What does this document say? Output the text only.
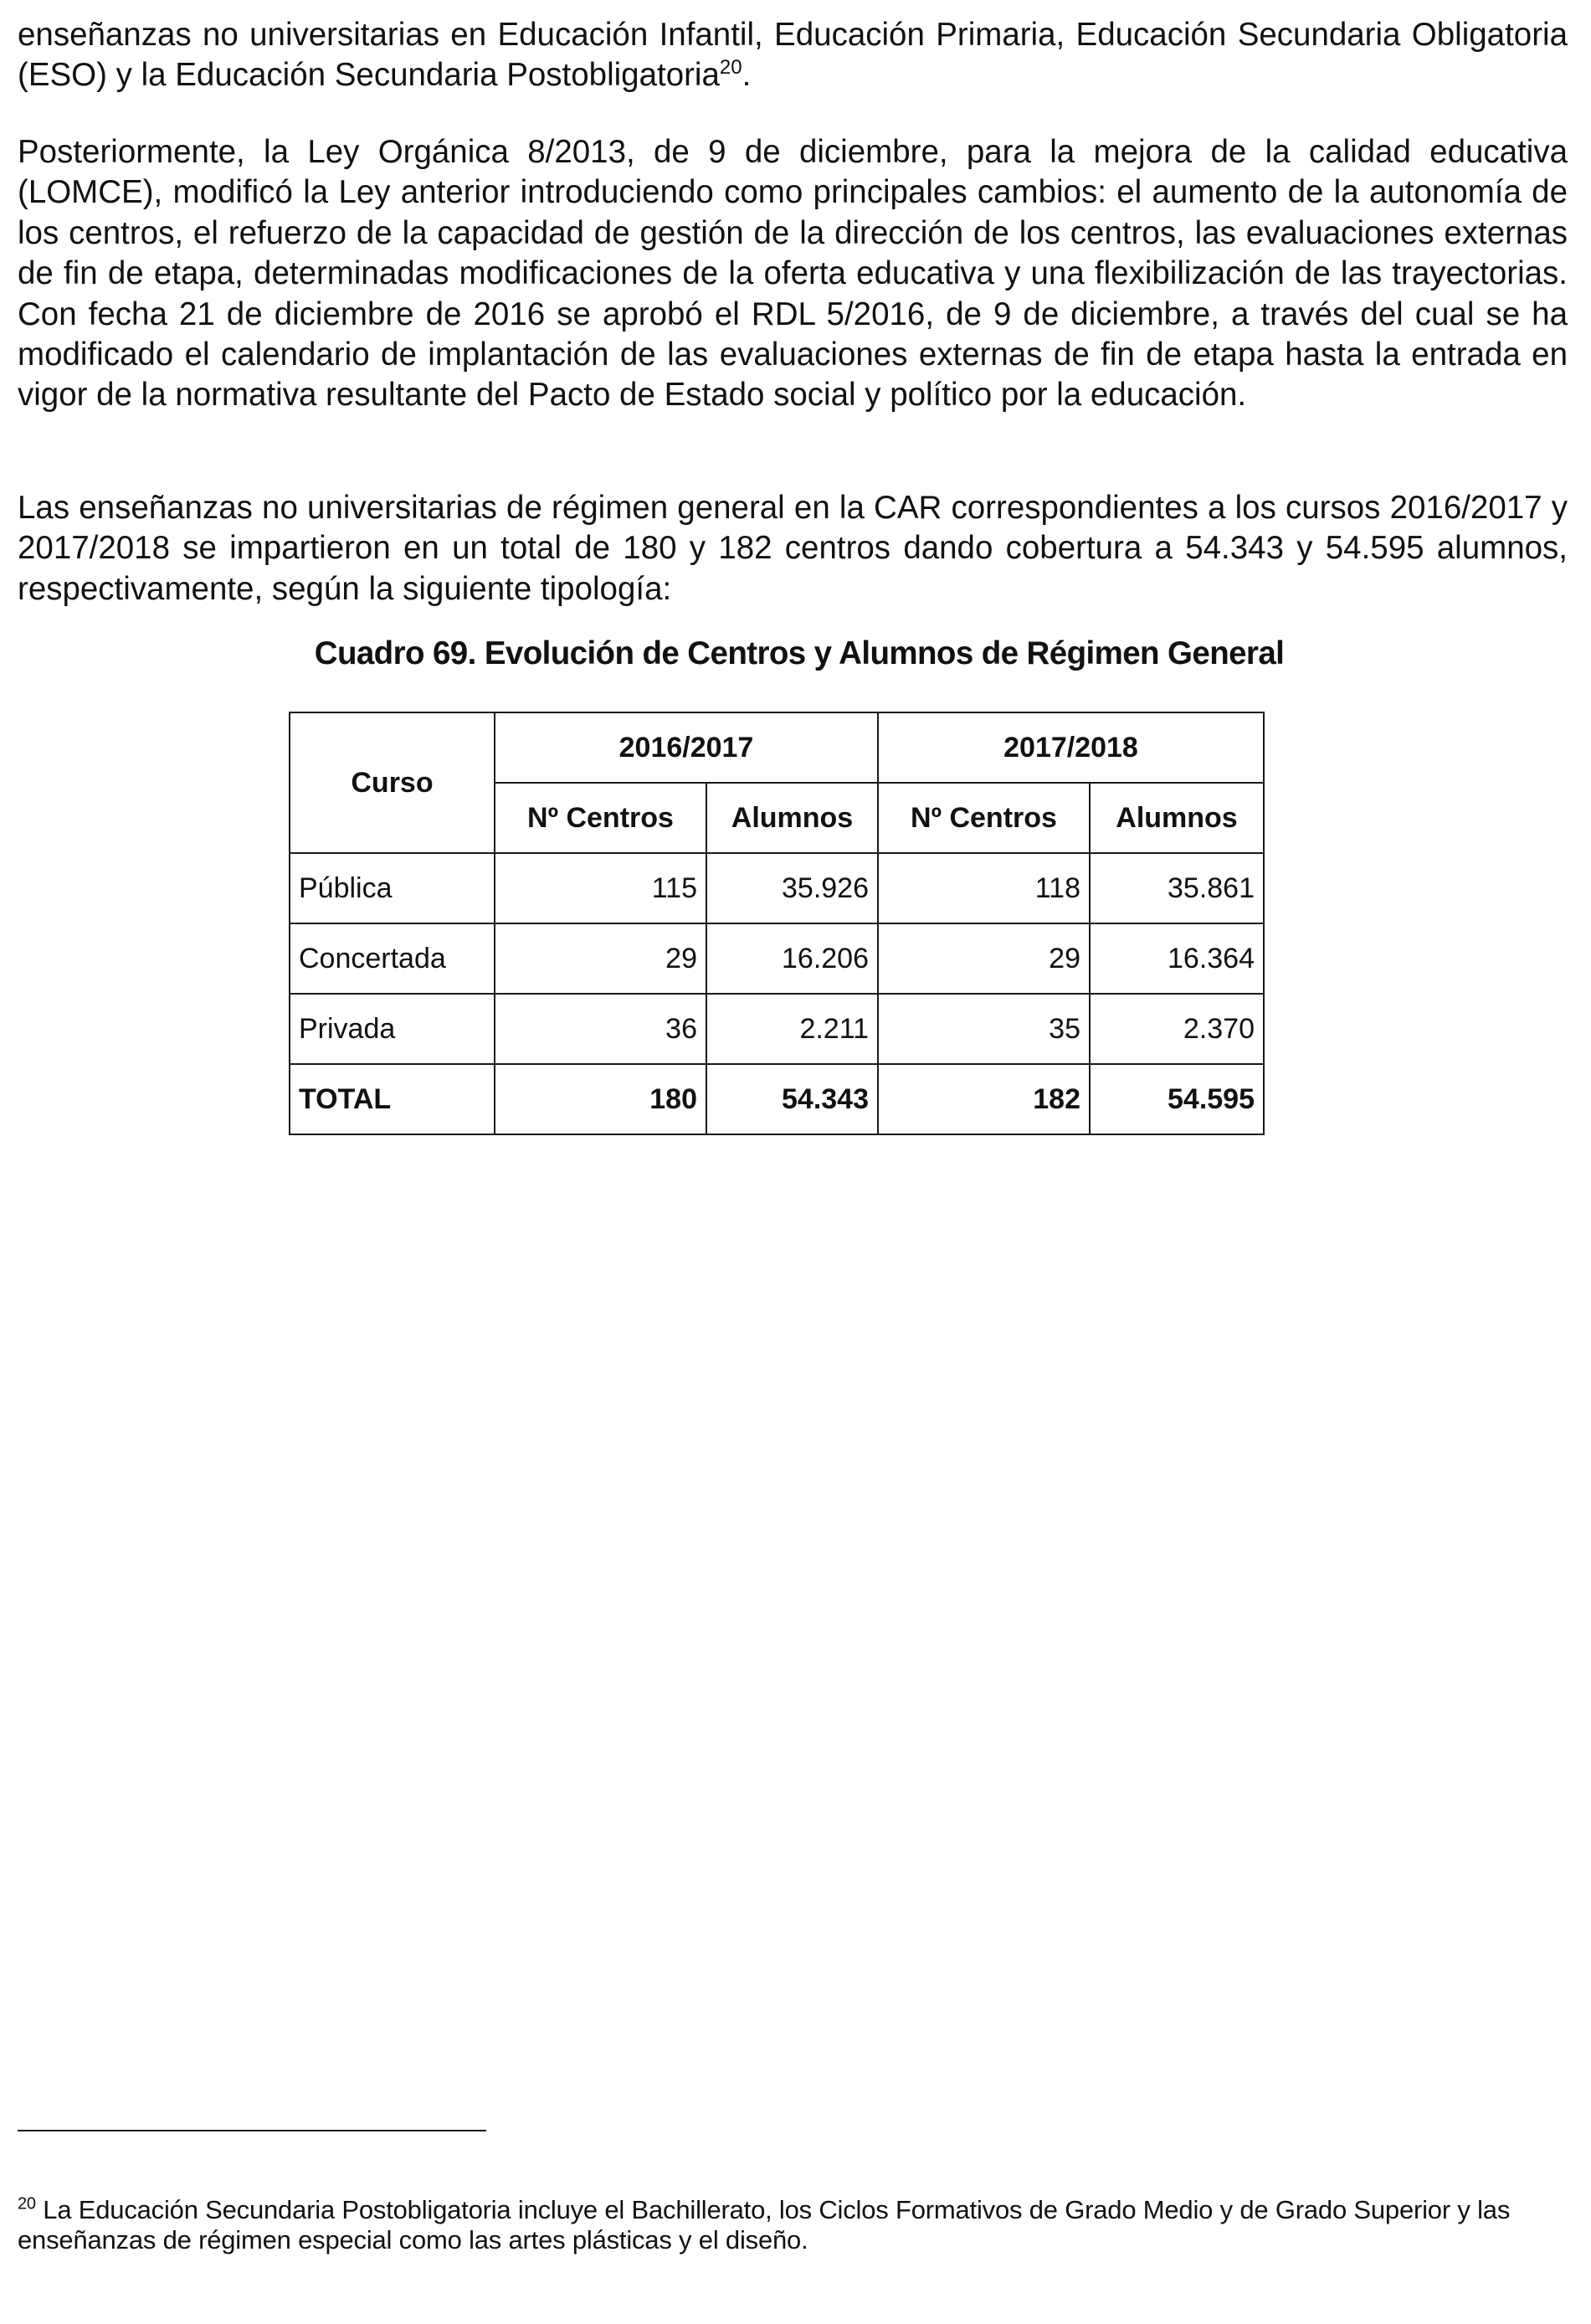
enseñanzas no universitarias en Educación Infantil, Educación Primaria, Educación Secundaria Obligatoria (ESO) y la Educación Secundaria Postobligatoria$^{20}$.

Posteriormente, la Ley Orgánica 8/2013, de 9 de diciembre, para la mejora de la calidad educativa (LOMCE), modificó la Ley anterior introduciendo como principales cambios: el aumento de la autonomía de los centros, el refuerzo de la capacidad de gestión de la dirección de los centros, las evaluaciones externas de fin de etapa, determinadas modificaciones de la oferta educativa y una flexibilización de las trayectorias. Con fecha 21 de diciembre de 2016 se aprobó el RDL 5/2016, de 9 de diciembre, a través del cual se ha modificado el calendario de implantación de las evaluaciones externas de fin de etapa hasta la entrada en vigor de la normativa resultante del Pacto de Estado social y político por la educación.

Las enseñanzas no universitarias de régimen general en la CAR correspondientes a los cursos 2016/2017 y 2017/2018 se impartieron en un total de 180 y 182 centros dando cobertura a 54.343 y 54.595 alumnos, respectivamente, según la siguiente tipología:

Cuadro 69. Evolución de Centros y Alumnos de Régimen General
Curso	2016/2017		2017/2018	
	Nº Centros	Alumnos	Nº Centros	Alumnos
Pública	115	35.926	118	35.861
Concertada	29	16.206	29	16.364
Privada	36	2.211	35	2.370
TOTAL	180	54.343	182	54.595
$^{20}$ La Educación Secundaria Postobligatoria incluye el Bachillerato, los Ciclos Formativos de Grado Medio y de Grado Superior y las enseñanzas de régimen especial como las artes plásticas y el diseño.
